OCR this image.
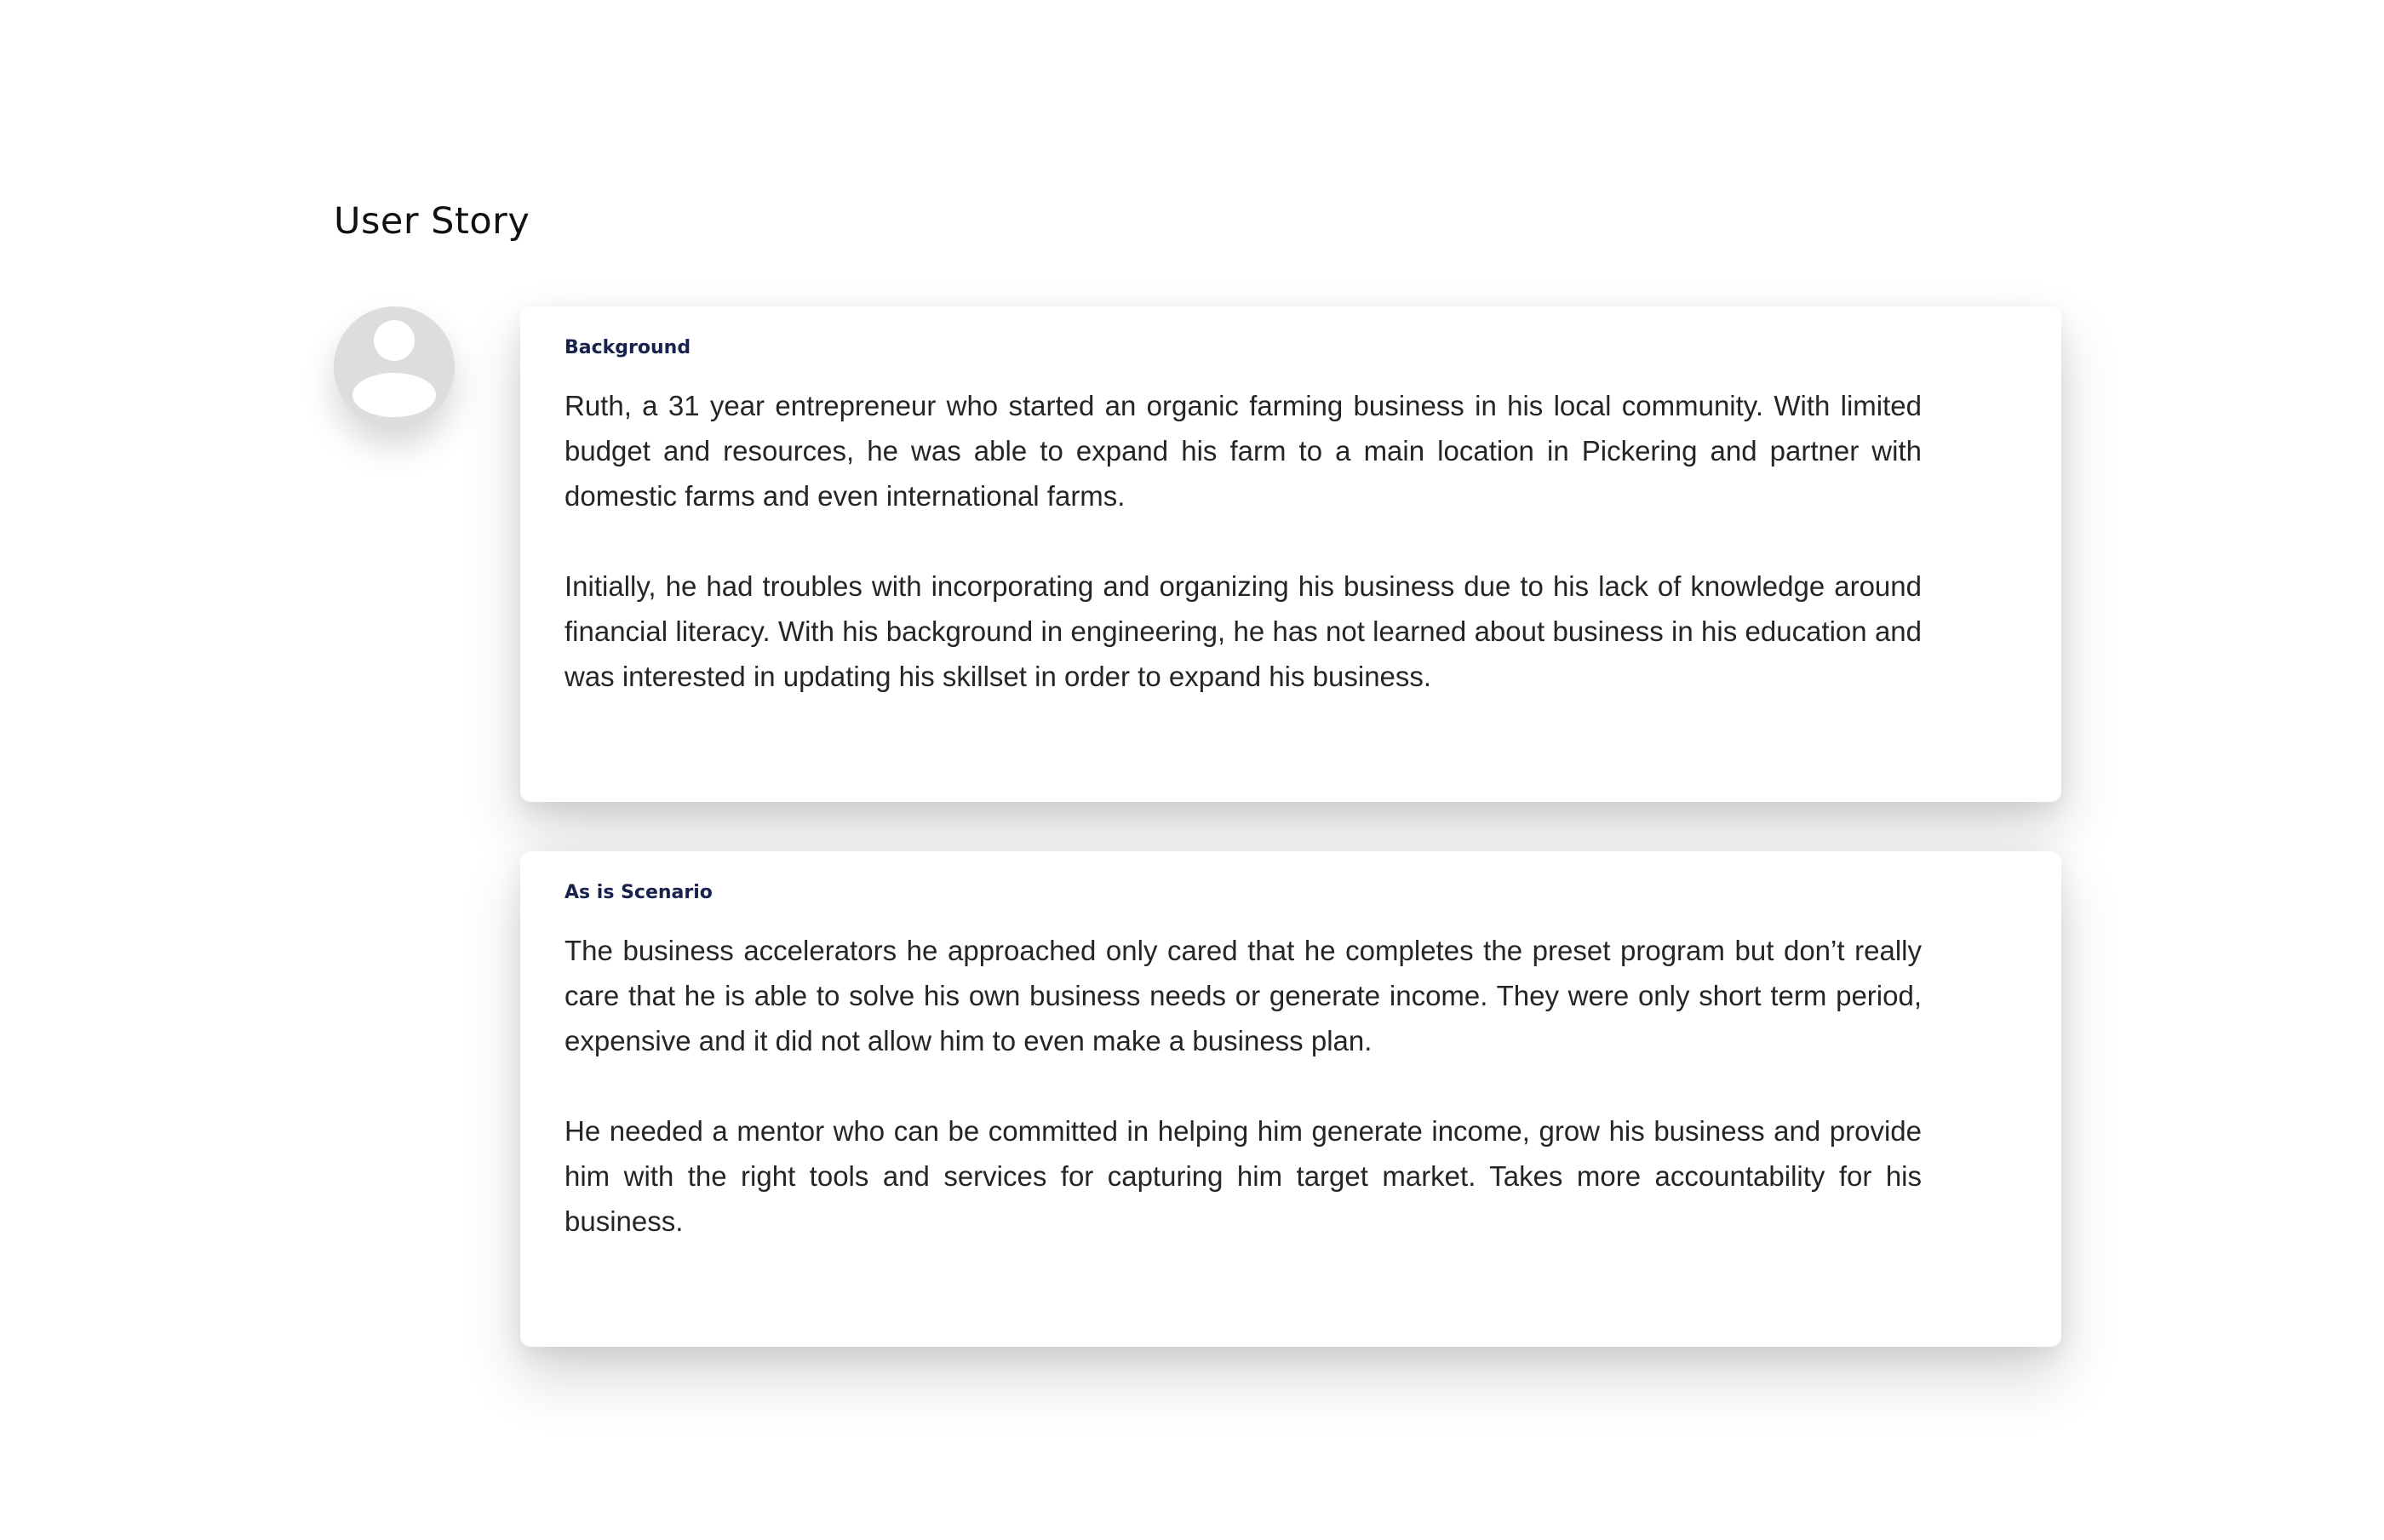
User Story
Background

Ruth, a 31 year entrepreneur who started an organic farming business in his local community. With limited budget and resources, he was able to expand his farm to a main location in Pickering and partner with domestic farms and even international farms.

Initially, he had troubles with incorporating and organizing his business due to his lack of knowledge around financial literacy. With his background in engineering, he has not learned about business in his education and was interested in updating his skillset in order to expand his business.

As is Scenario

The business accelerators he approached only cared that he completes the preset program but don’t really care that he is able to solve his own business needs or generate income. They were only short term period, expensive and it did not allow him to even make a business plan.

He needed a mentor who can be committed in helping him generate income, grow his business and provide him with the right tools and services for capturing him target market. Takes more accountability for his business.
